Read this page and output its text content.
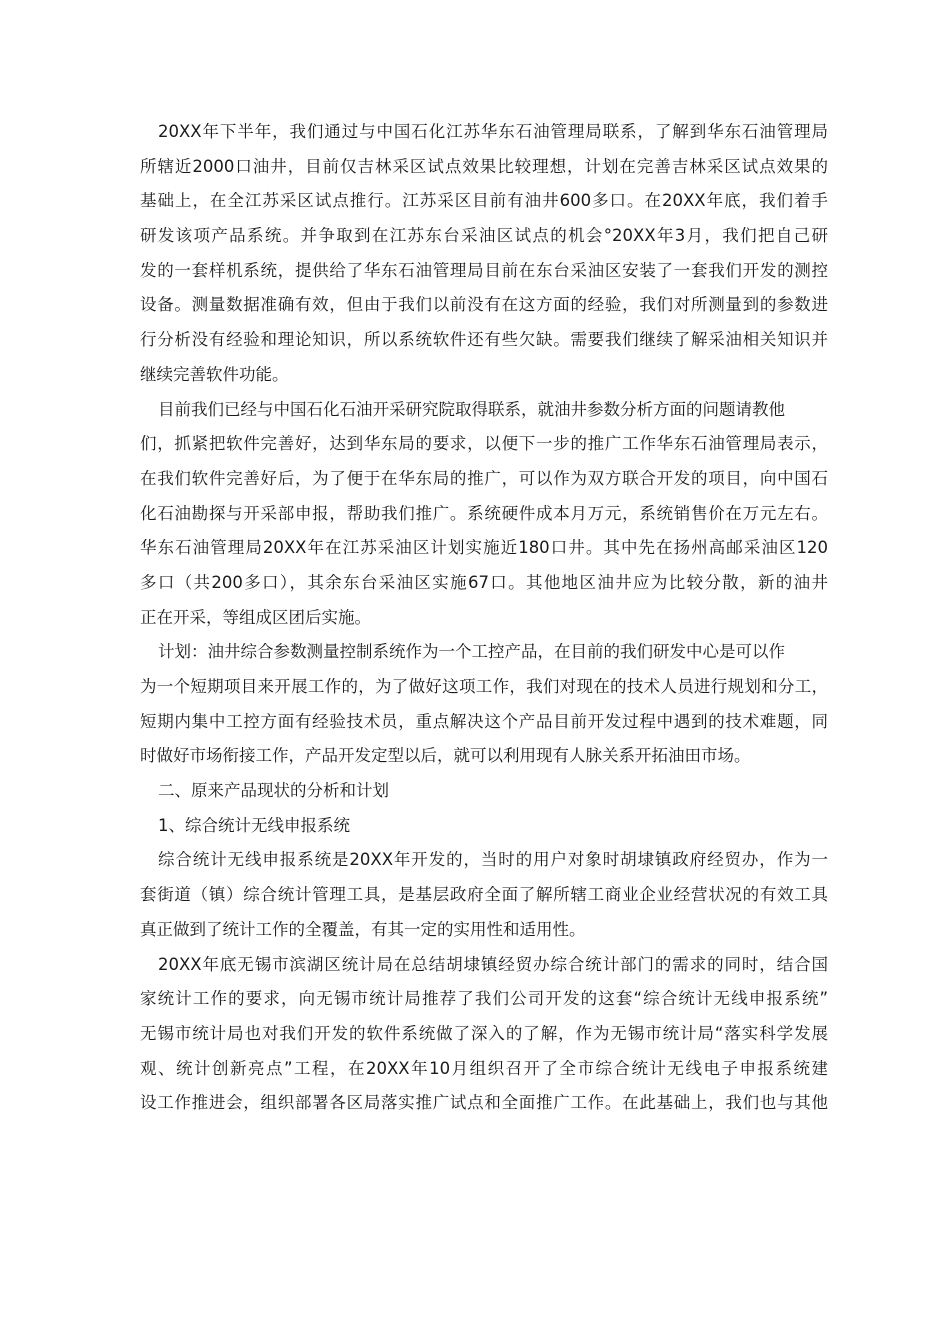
20XX年下半年，我们通过与中国石化江苏华东石油管理局联系，了解到华东石油管理局
所辖近2000口油井，目前仅吉林采区试点效果比较理想，计划在完善吉林采区试点效果的
基础上，在全江苏采区试点推行。江苏采区目前有油井600多口。在20XX年底，我们着手
研发该项产品系统。并争取到在江苏东台采油区试点的机会°20XX年3月，我们把自己研
发的一套样机系统，提供给了华东石油管理局目前在东台采油区安装了一套我们开发的测控
设备。测量数据准确有效，但由于我们以前没有在这方面的经验，我们对所测量到的参数进
行分析没有经验和理论知识，所以系统软件还有些欠缺。需要我们继续了解采油相关知识并
继续完善软件功能。
目前我们已经与中国石化石油开采研究院取得联系，就油井参数分析方面的问题请教他
们，抓紧把软件完善好，达到华东局的要求，以便下一步的推广工作华东石油管理局表示，
在我们软件完善好后，为了便于在华东局的推广，可以作为双方联合开发的项目，向中国石
化石油勘探与开采部申报，帮助我们推广。系统硬件成本月万元，系统销售价在万元左右。
华东石油管理局20XX年在江苏采油区计划实施近180口井。其中先在扬州高邮采油区120
多口（共200多口），其余东台采油区实施67口。其他地区油井应为比较分散，新的油井
正在开采，等组成区团后实施。
计划：油井综合参数测量控制系统作为一个工控产品，在目前的我们研发中心是可以作
为一个短期项目来开展工作的，为了做好这项工作，我们对现在的技术人员进行规划和分工，
短期内集中工控方面有经验技术员，重点解决这个产品目前开发过程中遇到的技术难题，同
时做好市场衔接工作，产品开发定型以后，就可以利用现有人脉关系开拓油田市场。
二、原来产品现状的分析和计划
1、综合统计无线申报系统
综合统计无线申报系统是20XX年开发的，当时的用户对象时胡埭镇政府经贸办，作为一
套街道（镇）综合统计管理工具，是基层政府全面了解所辖工商业企业经营状况的有效工具
真正做到了统计工作的全覆盖，有其一定的实用性和适用性。
20XX年底无锡市滨湖区统计局在总结胡埭镇经贸办综合统计部门的需求的同时，结合国
家统计工作的要求，向无锡市统计局推荐了我们公司开发的这套“综合统计无线申报系统”
无锡市统计局也对我们开发的软件系统做了深入的了解，作为无锡市统计局“落实科学发展
观、统计创新亮点”工程，在20XX年10月组织召开了全市综合统计无线电子申报系统建
设工作推进会，组织部署各区局落实推广试点和全面推广工作。在此基础上，我们也与其他
